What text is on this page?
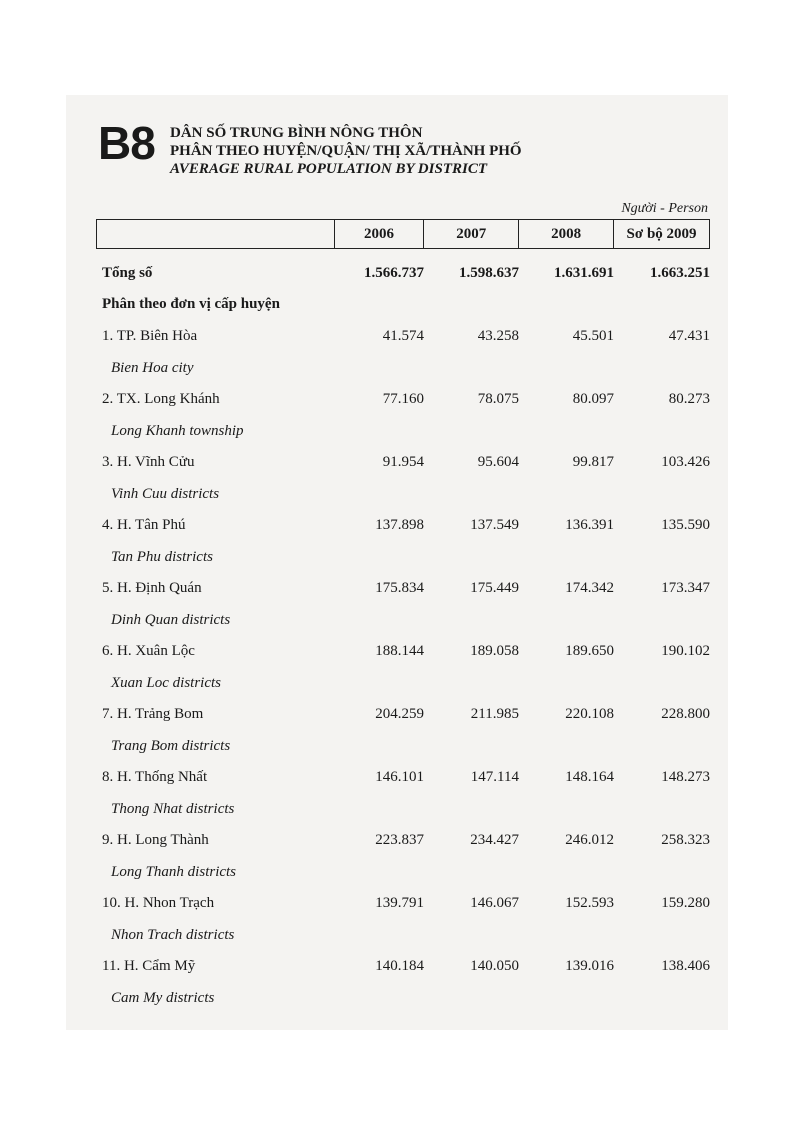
B8 DÂN SỐ TRUNG BÌNH NÔNG THÔN
PHÂN THEO HUYỆN/QUẬN/ THỊ XÃ/THÀNH PHỐ
AVERAGE RURAL POPULATION BY DISTRICT
Người - Person
	2006	2007	2008	Sơ bộ 2009
Tổng số	1.566.737	1.598.637	1.631.691	1.663.251
Phân theo đơn vị cấp huyện				
1. TP. Biên Hòa	41.574	43.258	45.501	47.431
Bien Hoa city				
2. TX. Long Khánh	77.160	78.075	80.097	80.273
Long Khanh township				
3. H. Vĩnh Cửu	91.954	95.604	99.817	103.426
Vinh Cuu districts				
4. H. Tân Phú	137.898	137.549	136.391	135.590
Tan Phu districts				
5. H. Định Quán	175.834	175.449	174.342	173.347
Dinh Quan districts				
6. H. Xuân Lộc	188.144	189.058	189.650	190.102
Xuan Loc districts				
7. H. Trảng Bom	204.259	211.985	220.108	228.800
Trang Bom districts				
8. H. Thống Nhất	146.101	147.114	148.164	148.273
Thong Nhat districts				
9. H. Long Thành	223.837	234.427	246.012	258.323
Long Thanh districts				
10. H. Nhon Trạch	139.791	146.067	152.593	159.280
Nhon Trach districts				
11. H. Cẩm Mỹ	140.184	140.050	139.016	138.406
Cam My districts				
